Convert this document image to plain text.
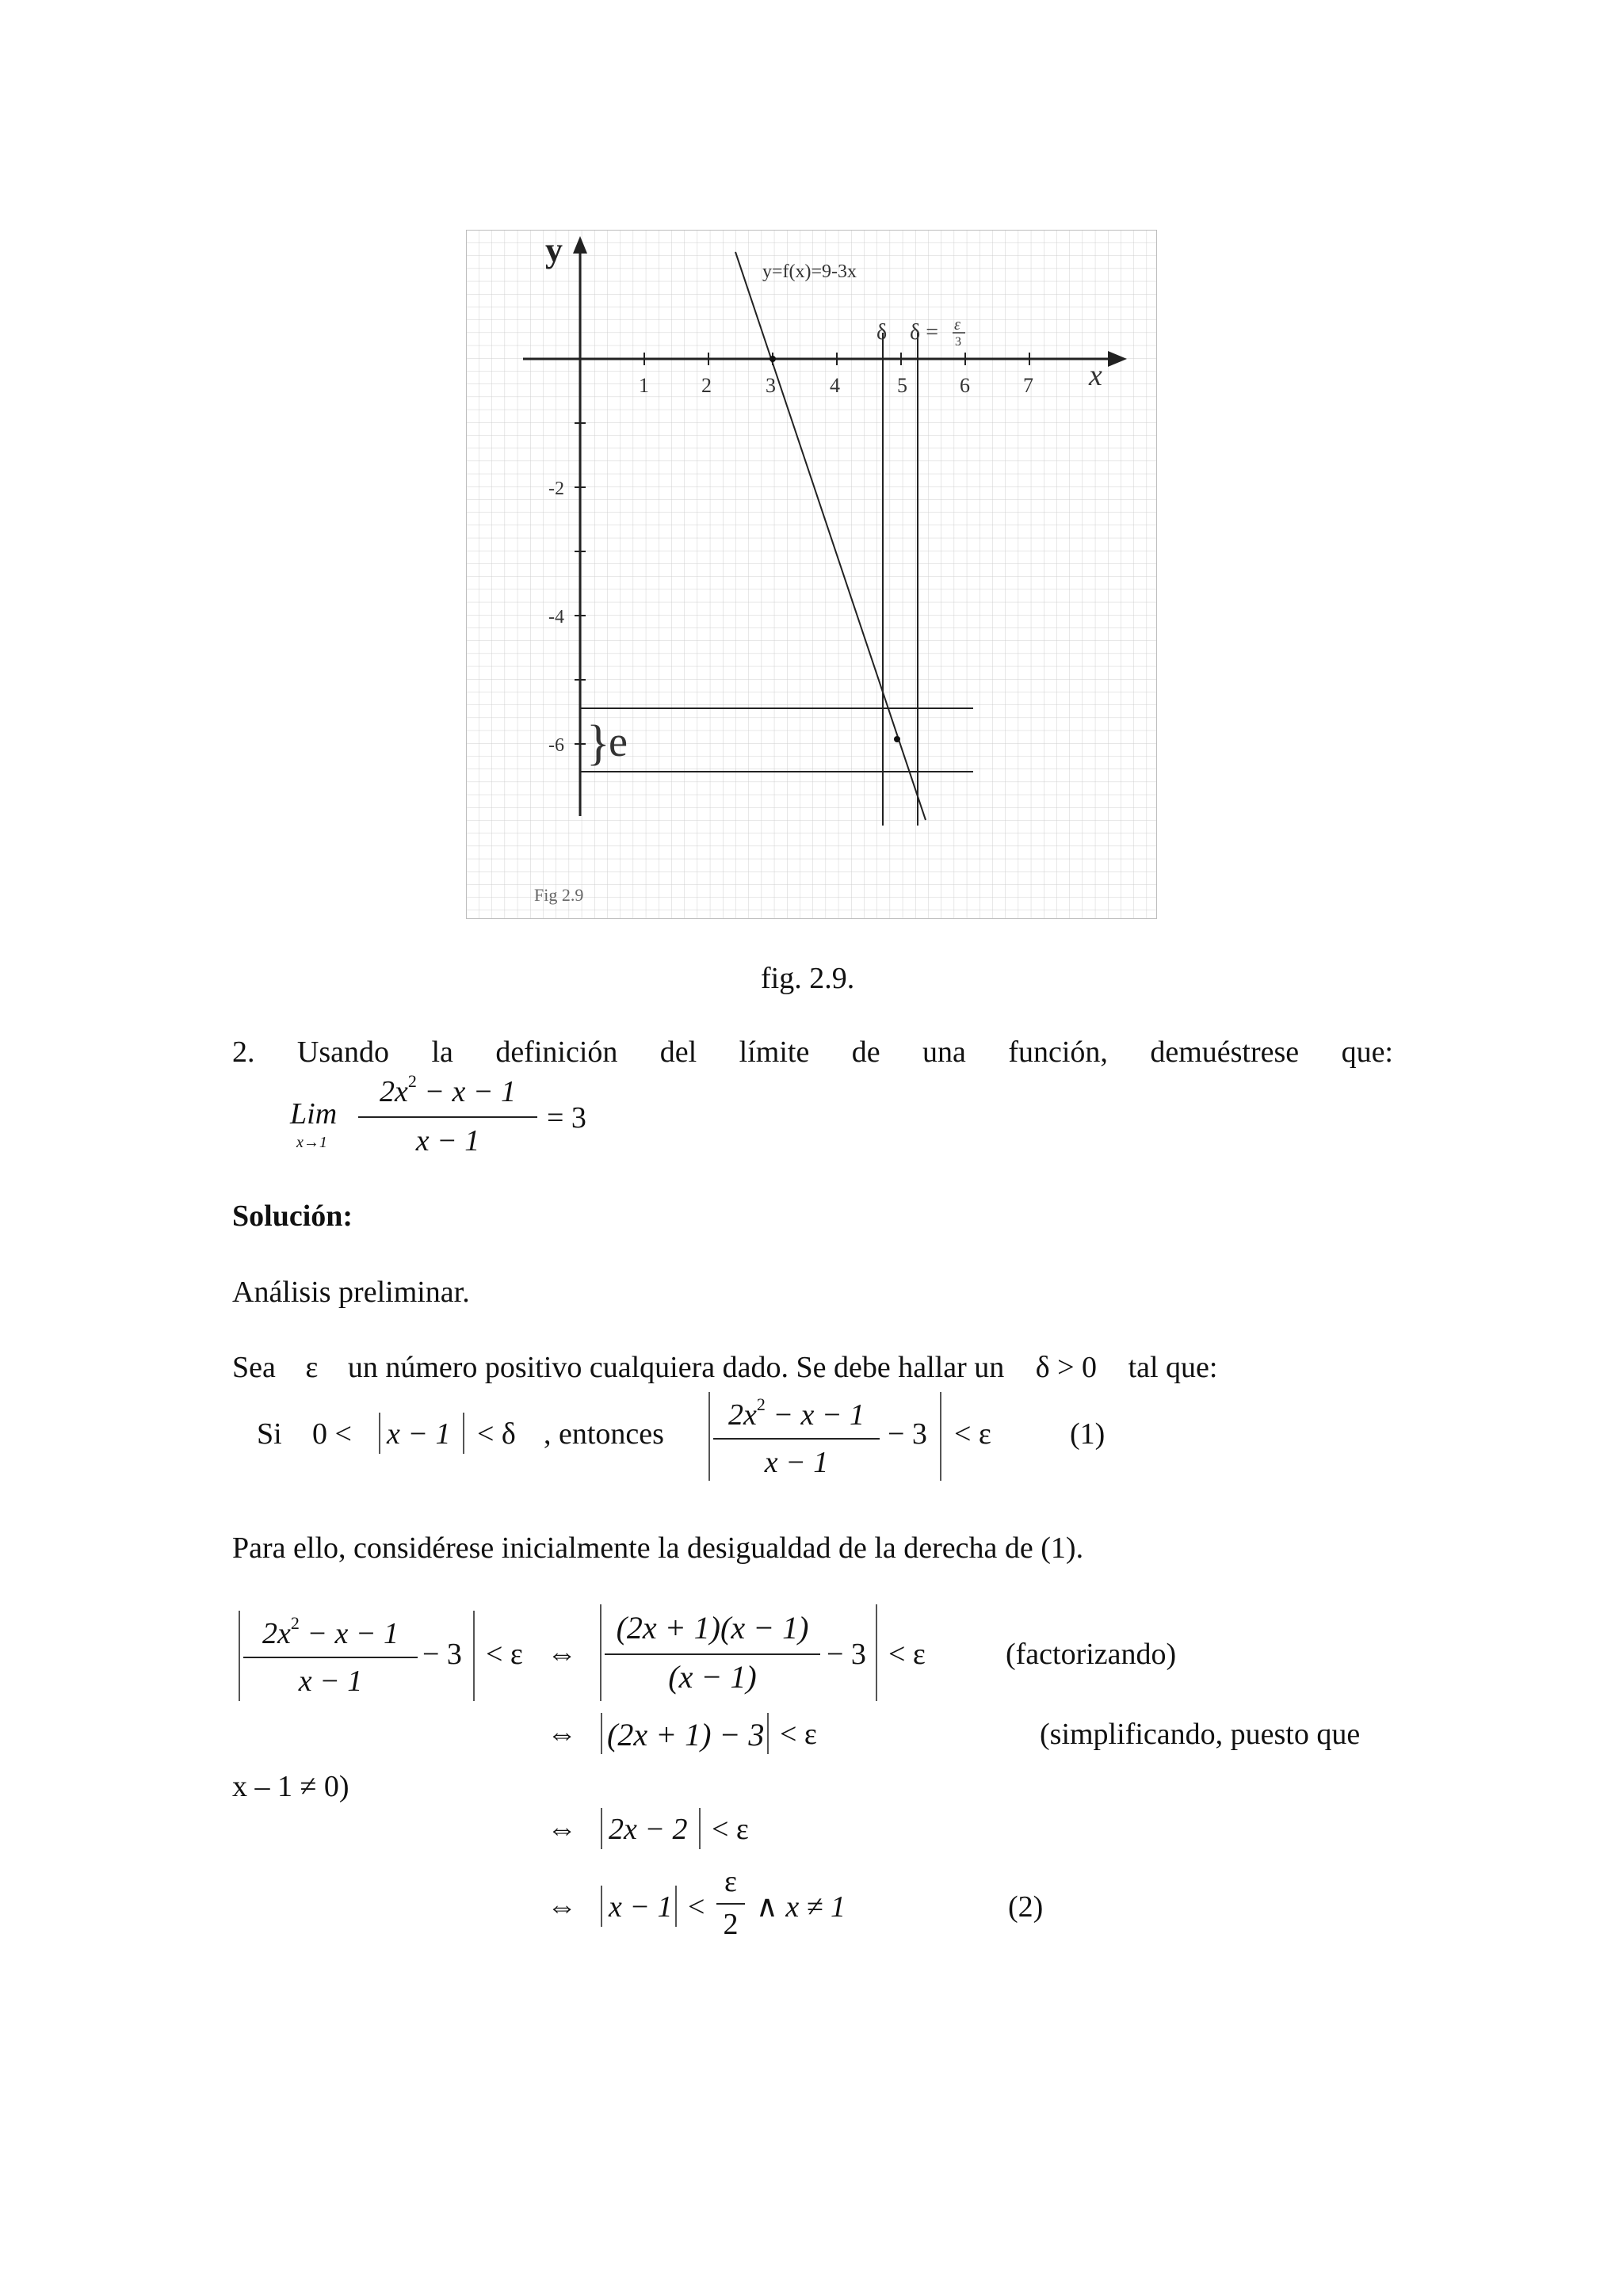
y
x
1	2	3	4	5	6	7
-2
-4
-6
y=f(x)=9-3x
δ δ = ε
3
}
e
Fig 2.9
fig. 2.9.
2. Usando la definición del límite de una función, demuéstrese que:
Lim
x→1
$2x^2 - x - 1$
x − 1
= 3
Solución:
Análisis preliminar.
Sea ε un número positivo cualquiera dado. Se debe hallar un δ > 0 tal que:
Si 0 < x − 1 < δ , entonces
$2x^2 - x - 1$
x − 1
− 3 < ε	(1)
Para ello, considérese inicialmente la desigualdad de la derecha de (1).
$2x^2 - x - 1$
x − 1
− 3 < ε ⇔
(2x + 1)(x − 1)
(x − 1)
− 3 < ε	(factorizando)
⇔ (2x + 1) − 3 < ε	(simplificando, puesto que
x – 1 ≠ 0)
⇔ 2x − 2 < ε
⇔ x − 1 <
ε
2
∧ x ≠ 1	(2)
